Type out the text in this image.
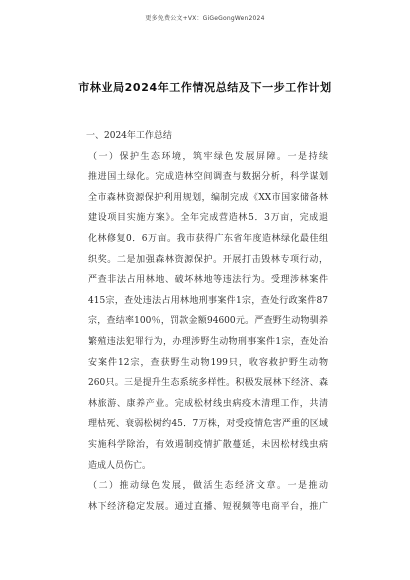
更多免费公文+VX：GiGeGongWen2024
市林业局2024年工作情况总结及下一步工作计划
一、2024年工作总结
（一）保护生态环境，筑牢绿色发展屏障。一是持续
推进国土绿化。完成造林空间调查与数据分析，科学谋划
全市森林资源保护利用规划，编制完成《XX市国家储备林
建设项目实施方案》。全年完成营造林5．3万亩，完成退
化林修复0．6万亩。我市获得广东省年度造林绿化最佳组
织奖。二是加强森林资源保护。开展打击毁林专项行动，
严查非法占用林地、破坏林地等违法行为。受理涉林案件
415宗，查处违法占用林地刑事案件1宗，查处行政案件87
宗，查结率100％，罚款金额94600元。严查野生动物驯养
繁殖违法犯罪行为，办理涉野生动物刑事案件1宗，查处治
安案件12宗，查获野生动物199只，收容救护野生动物
260只。三是提升生态系统多样性。积极发展林下经济、森
林旅游、康养产业。完成松材线虫病疫木清理工作，共清
理枯死、衰弱松树约45．7万株，对受疫情危害严重的区域
实施科学除治，有效遏制疫情扩散蔓延，未因松材线虫病
造成人员伤亡。
（二）推动绿色发展，做活生态经济文章。一是推动
林下经济稳定发展。通过直播、短视频等电商平台，推广
